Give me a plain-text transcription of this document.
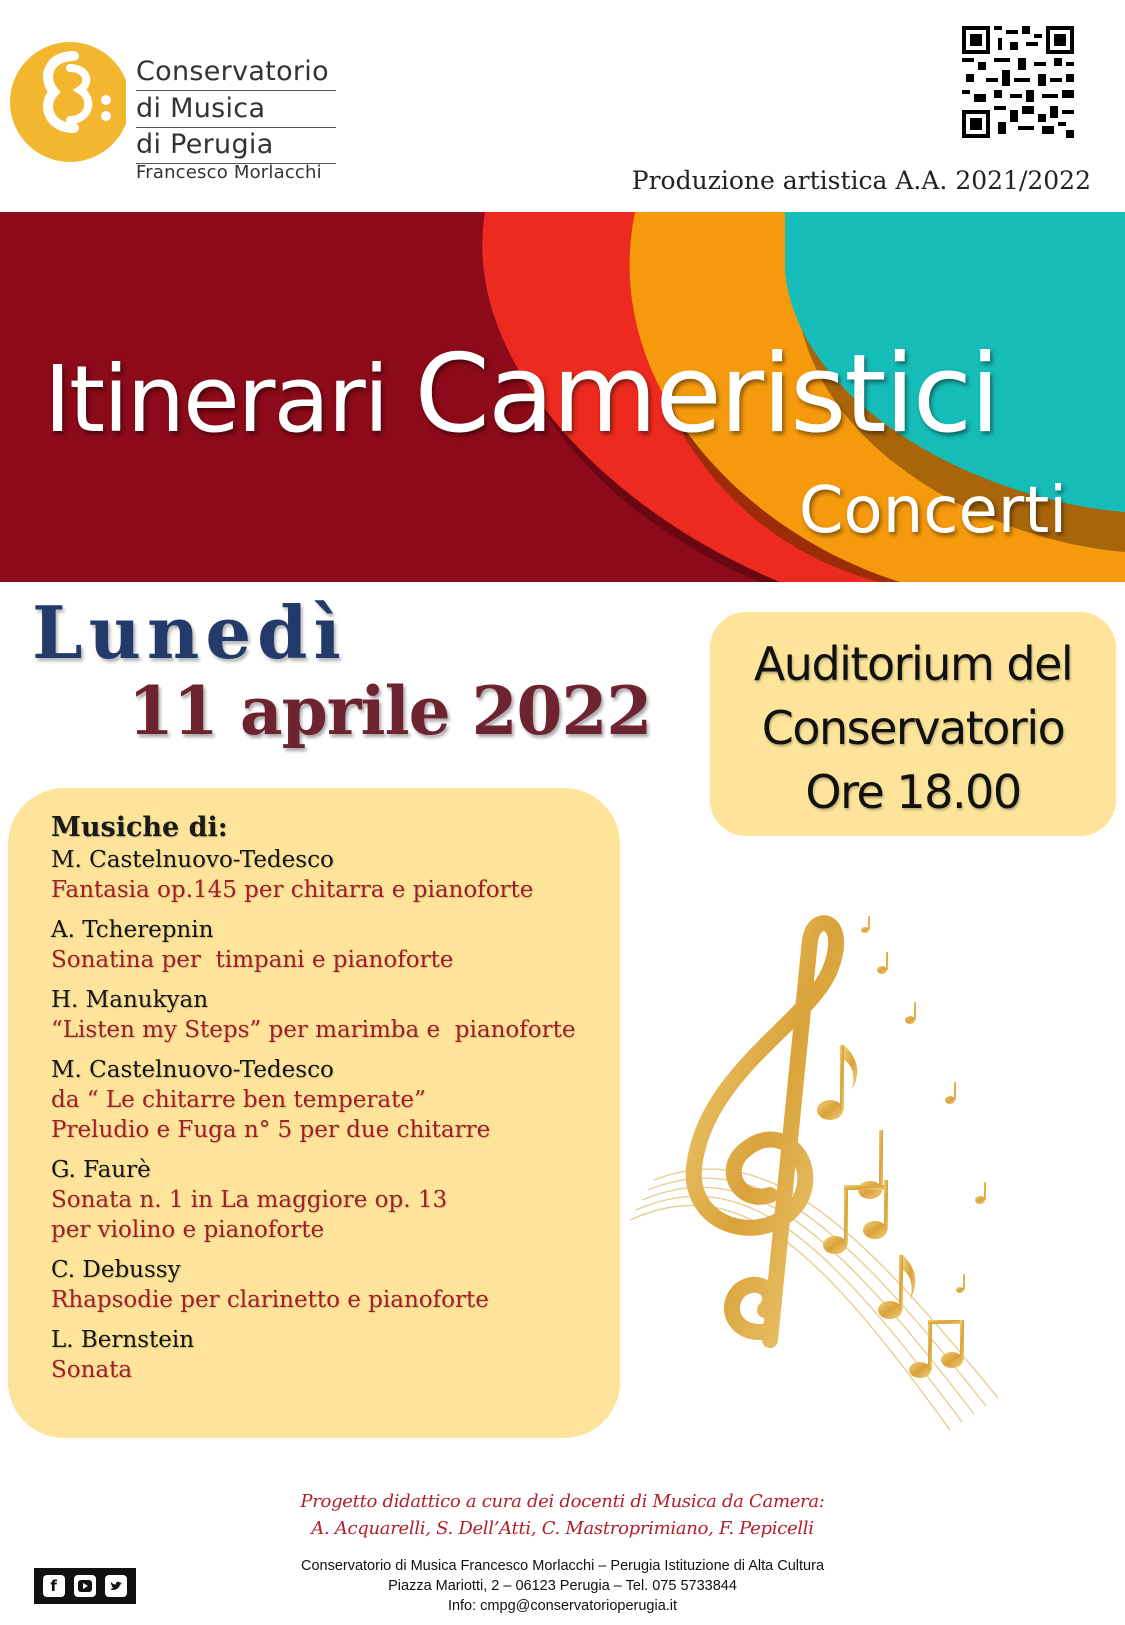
Conservatorio
di Musica
di Perugia
Francesco Morlacchi	Produzione artistica A.A. 2021/2022
Itinerari Cameristici
Concerti
Lunedì
11 aprile 2022
Auditorium del
Conservatorio
Ore 18.00
Musiche di:
M. Castelnuovo-Tedesco
Fantasia op.145 per chitarra e pianoforte
A. Tcherepnin
Sonatina per  timpani e pianoforte
H. Manukyan
“Listen my Steps” per marimba e  pianoforte
M. Castelnuovo-Tedesco
da “ Le chitarre ben temperate”
Preludio e Fuga n° 5 per due chitarre
G. Faurè
Sonata n. 1 in La maggiore op. 13
per violino e pianoforte
C. Debussy
Rhapsodie per clarinetto e pianoforte
L. Bernstein
Sonata
Progetto didattico a cura dei docenti di Musica da Camera:
A. Acquarelli, S. Dell’Atti, C. Mastroprimiano, F. Pepicelli
f
Conservatorio di Musica Francesco Morlacchi – Perugia Istituzione di Alta Cultura
Piazza Mariotti, 2 – 06123 Perugia – Tel. 075 5733844
Info: cmpg@conservatorioperugia.it
